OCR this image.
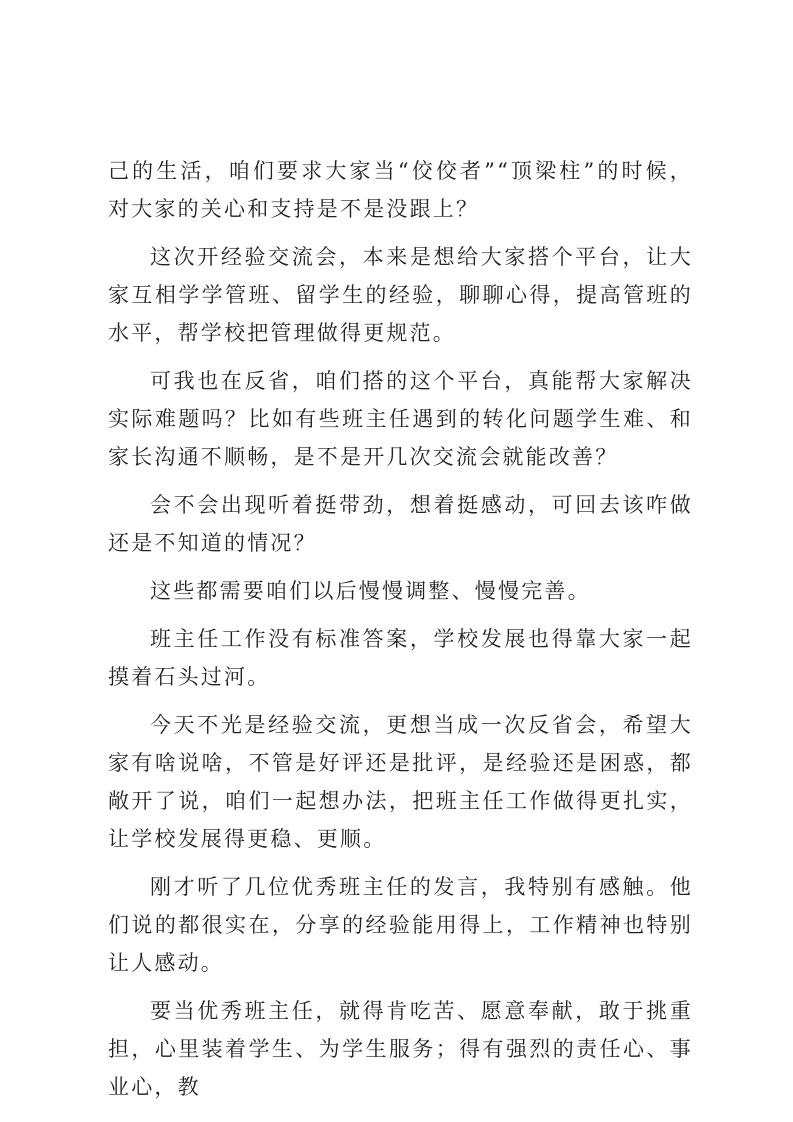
己的生活，咱们要求大家当“佼佼者”“顶梁柱”的时候，对大家的关心和支持是不是没跟上？

这次开经验交流会，本来是想给大家搭个平台，让大家互相学学管班、留学生的经验，聊聊心得，提高管班的水平，帮学校把管理做得更规范。

可我也在反省，咱们搭的这个平台，真能帮大家解决实际难题吗？比如有些班主任遇到的转化问题学生难、和家长沟通不顺畅，是不是开几次交流会就能改善？

会不会出现听着挺带劲，想着挺感动，可回去该咋做还是不知道的情况？

这些都需要咱们以后慢慢调整、慢慢完善。

班主任工作没有标准答案，学校发展也得靠大家一起摸着石头过河。

今天不光是经验交流，更想当成一次反省会，希望大家有啥说啥，不管是好评还是批评，是经验还是困惑，都敞开了说，咱们一起想办法，把班主任工作做得更扎实，让学校发展得更稳、更顺。

刚才听了几位优秀班主任的发言，我特别有感触。他们说的都很实在，分享的经验能用得上，工作精神也特别让人感动。

要当优秀班主任，就得肯吃苦、愿意奉献，敢于挑重担，心里装着学生、为学生服务；得有强烈的责任心、事业心，教
